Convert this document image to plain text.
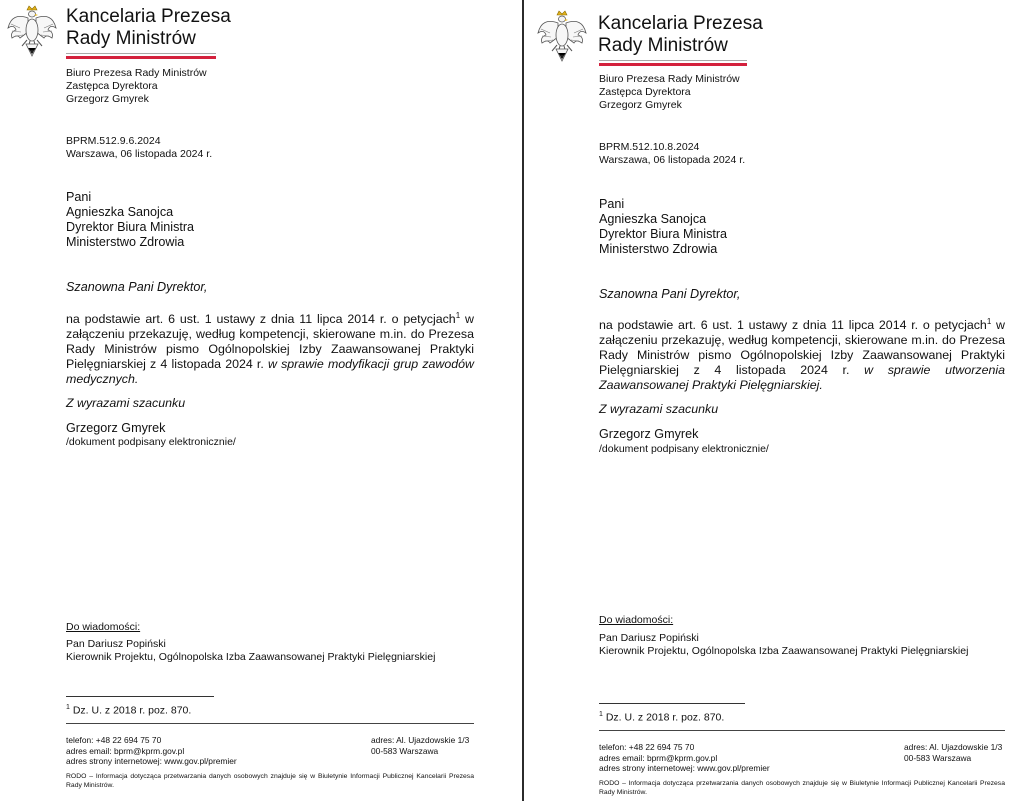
Kancelaria Prezesa
Rady Ministrów
Biuro Prezesa Rady Ministrów
Zastępca Dyrektora
Grzegorz Gmyrek
BPRM.512.9.6.2024
Warszawa, 06 listopada 2024 r.
Pani
Agnieszka Sanojca
Dyrektor Biura Ministra
Ministerstwo Zdrowia
Szanowna Pani Dyrektor,
na podstawie art. 6 ust. 1 ustawy z dnia 11 lipca 2014 r. o petycjach$^1$ w załączeniu przekazuję, według kompetencji, skierowane m.in. do Prezesa Rady Ministrów pismo Ogólnopolskiej Izby Zaawansowanej Praktyki Pielęgniarskiej z 4 listopada 2024 r. w sprawie modyfikacji grup zawodów medycznych.
Z wyrazami szacunku
Grzegorz Gmyrek
/dokument podpisany elektronicznie/
Do wiadomości:
Pan Dariusz Popiński
Kierownik Projektu, Ogólnopolska Izba Zaawansowanej Praktyki Pielęgniarskiej
$^1$ Dz. U. z 2018 r. poz. 870.
telefon: +48 22 694 75 70
adres email: bprm@kprm.gov.pl
adres strony internetowej: www.gov.pl/premier
adres: Al. Ujazdowskie 1/3
00-583 Warszawa
RODO – Informacja dotycząca przetwarzania danych osobowych znajduje się w Biuletynie Informacji Publicznej Kancelarii Prezesa Rady Ministrów.
Kancelaria Prezesa
Rady Ministrów
Biuro Prezesa Rady Ministrów
Zastępca Dyrektora
Grzegorz Gmyrek
BPRM.512.10.8.2024
Warszawa, 06 listopada 2024 r.
Pani
Agnieszka Sanojca
Dyrektor Biura Ministra
Ministerstwo Zdrowia
Szanowna Pani Dyrektor,
na podstawie art. 6 ust. 1 ustawy z dnia 11 lipca 2014 r. o petycjach$^1$ w załączeniu przekazuję, według kompetencji, skierowane m.in. do Prezesa Rady Ministrów pismo Ogólnopolskiej Izby Zaawansowanej Praktyki Pielęgniarskiej z 4 listopada 2024 r. w sprawie utworzenia Zaawansowanej Praktyki Pielęgniarskiej.
Z wyrazami szacunku
Grzegorz Gmyrek
/dokument podpisany elektronicznie/
Do wiadomości:
Pan Dariusz Popiński
Kierownik Projektu, Ogólnopolska Izba Zaawansowanej Praktyki Pielęgniarskiej
$^1$ Dz. U. z 2018 r. poz. 870.
telefon: +48 22 694 75 70
adres email: bprm@kprm.gov.pl
adres strony internetowej: www.gov.pl/premier
adres: Al. Ujazdowskie 1/3
00-583 Warszawa
RODO – Informacja dotycząca przetwarzania danych osobowych znajduje się w Biuletynie Informacji Publicznej Kancelarii Prezesa Rady Ministrów.
